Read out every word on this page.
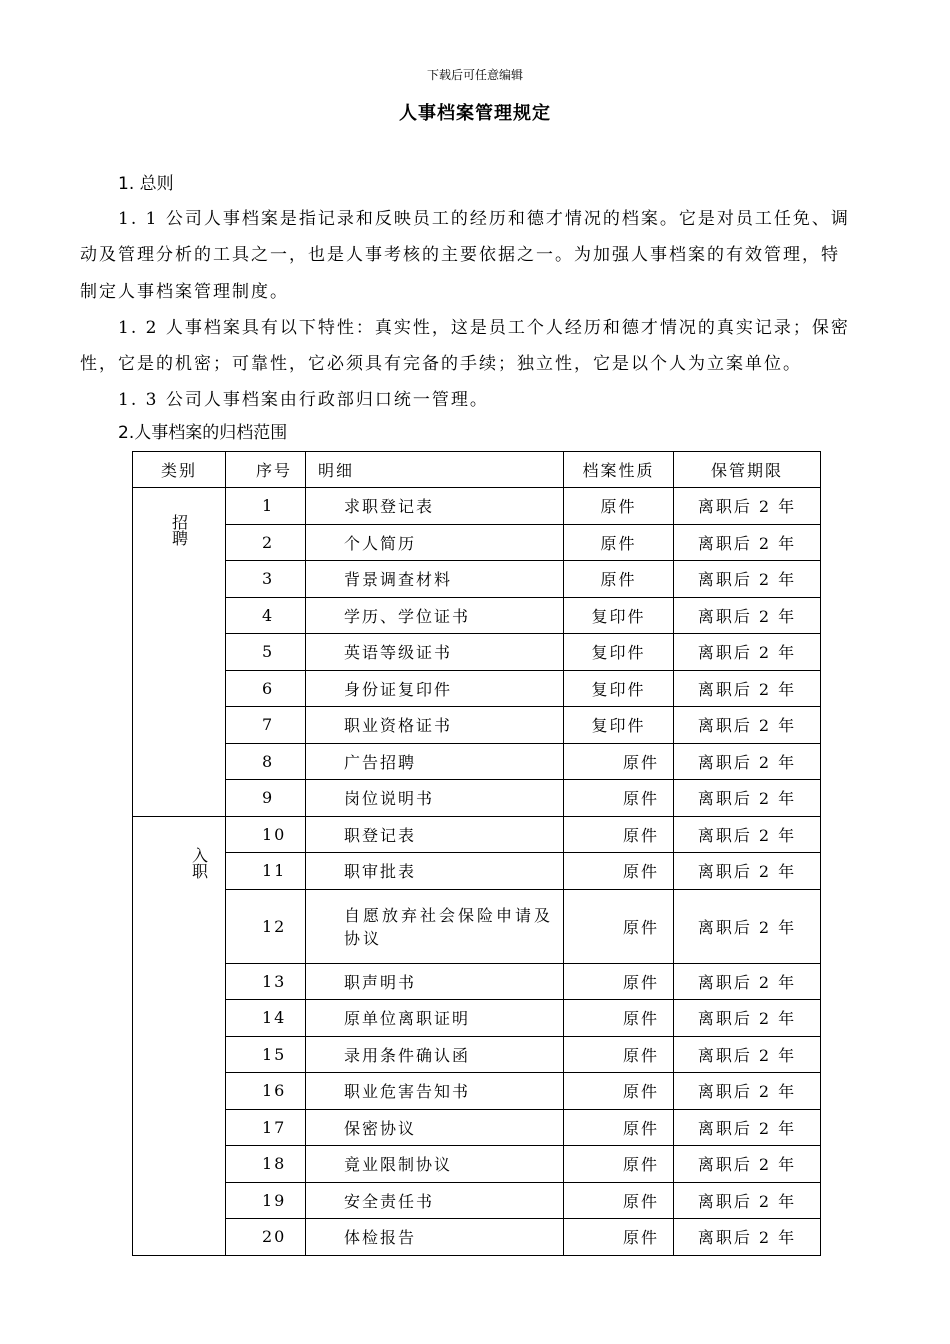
下载后可任意编辑
人事档案管理规定
1. 总则
1. 1 公司人事档案是指记录和反映员工的经历和德才情况的档案。它是对员工任免、调
动及管理分析的工具之一，也是人事考核的主要依据之一。为加强人事档案的有效管理，特
制定人事档案管理制度。
1. 2 人事档案具有以下特性：真实性，这是员工个人经历和德才情况的真实记录；保密
性，它是的机密；可靠性，它必须具有完备的手续；独立性，它是以个人为立案单位。
1. 3 公司人事档案由行政部归口统一管理。
2.人事档案的归档范围
类别	序号	明细	档案性质	保管期限
招聘	1	求职登记表	原件	离职后 2 年
	2	个人简历	原件	离职后 2 年
	3	背景调查材料	原件	离职后 2 年
	4	学历、学位证书	复印件	离职后 2 年
	5	英语等级证书	复印件	离职后 2 年
	6	身份证复印件	复印件	离职后 2 年
	7	职业资格证书	复印件	离职后 2 年
	8	广告招聘	原件	离职后 2 年
	9	岗位说明书	原件	离职后 2 年
入职	10	职登记表	原件	离职后 2 年
	11	职审批表	原件	离职后 2 年
	12	自愿放弃社会保险申请及协议	原件	离职后 2 年
	13	职声明书	原件	离职后 2 年
	14	原单位离职证明	原件	离职后 2 年
	15	录用条件确认函	原件	离职后 2 年
	16	职业危害告知书	原件	离职后 2 年
	17	保密协议	原件	离职后 2 年
	18	竟业限制协议	原件	离职后 2 年
	19	安全责任书	原件	离职后 2 年
	20	体检报告	原件	离职后 2 年
